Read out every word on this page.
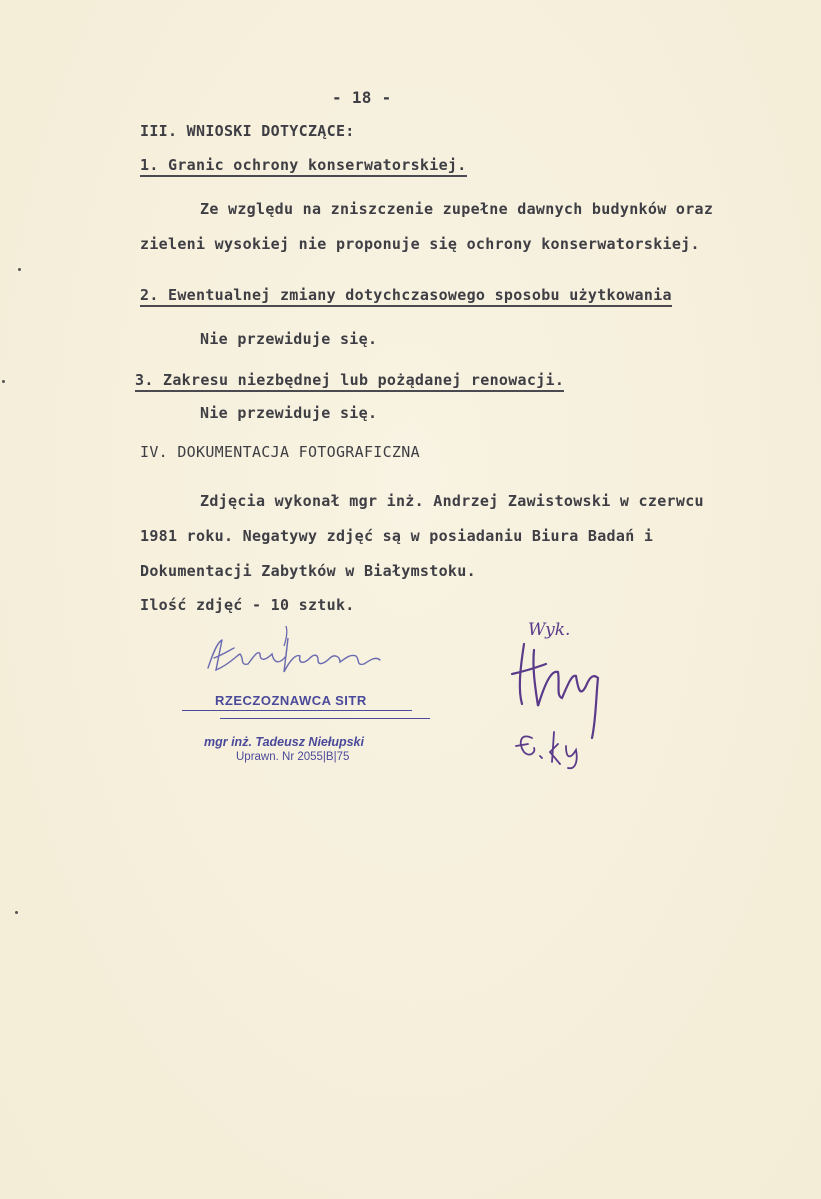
- 18 -
III. WNIOSKI DOTYCZĄCE:
1. Granic ochrony konserwatorskiej.
Ze względu na zniszczenie zupełne dawnych budynków oraz
zieleni wysokiej nie proponuje się ochrony konserwatorskiej.
2. Ewentualnej zmiany dotychczasowego sposobu użytkowania
Nie przewiduje się.
3. Zakresu niezbędnej lub pożądanej renowacji.
Nie przewiduje się.
IV. DOKUMENTACJA FOTOGRAFICZNA
Zdjęcia wykonał mgr inż. Andrzej Zawistowski w czerwcu
1981 roku. Negatywy zdjęć są w posiadaniu Biura Badań i
Dokumentacji Zabytków w Białymstoku.
Ilość zdjęć - 10 sztuk.
RZECZOZNAWCA SITR
mgr inż. Tadeusz Niełupski
Uprawn. Nr 2055|B|75
Wyk.
